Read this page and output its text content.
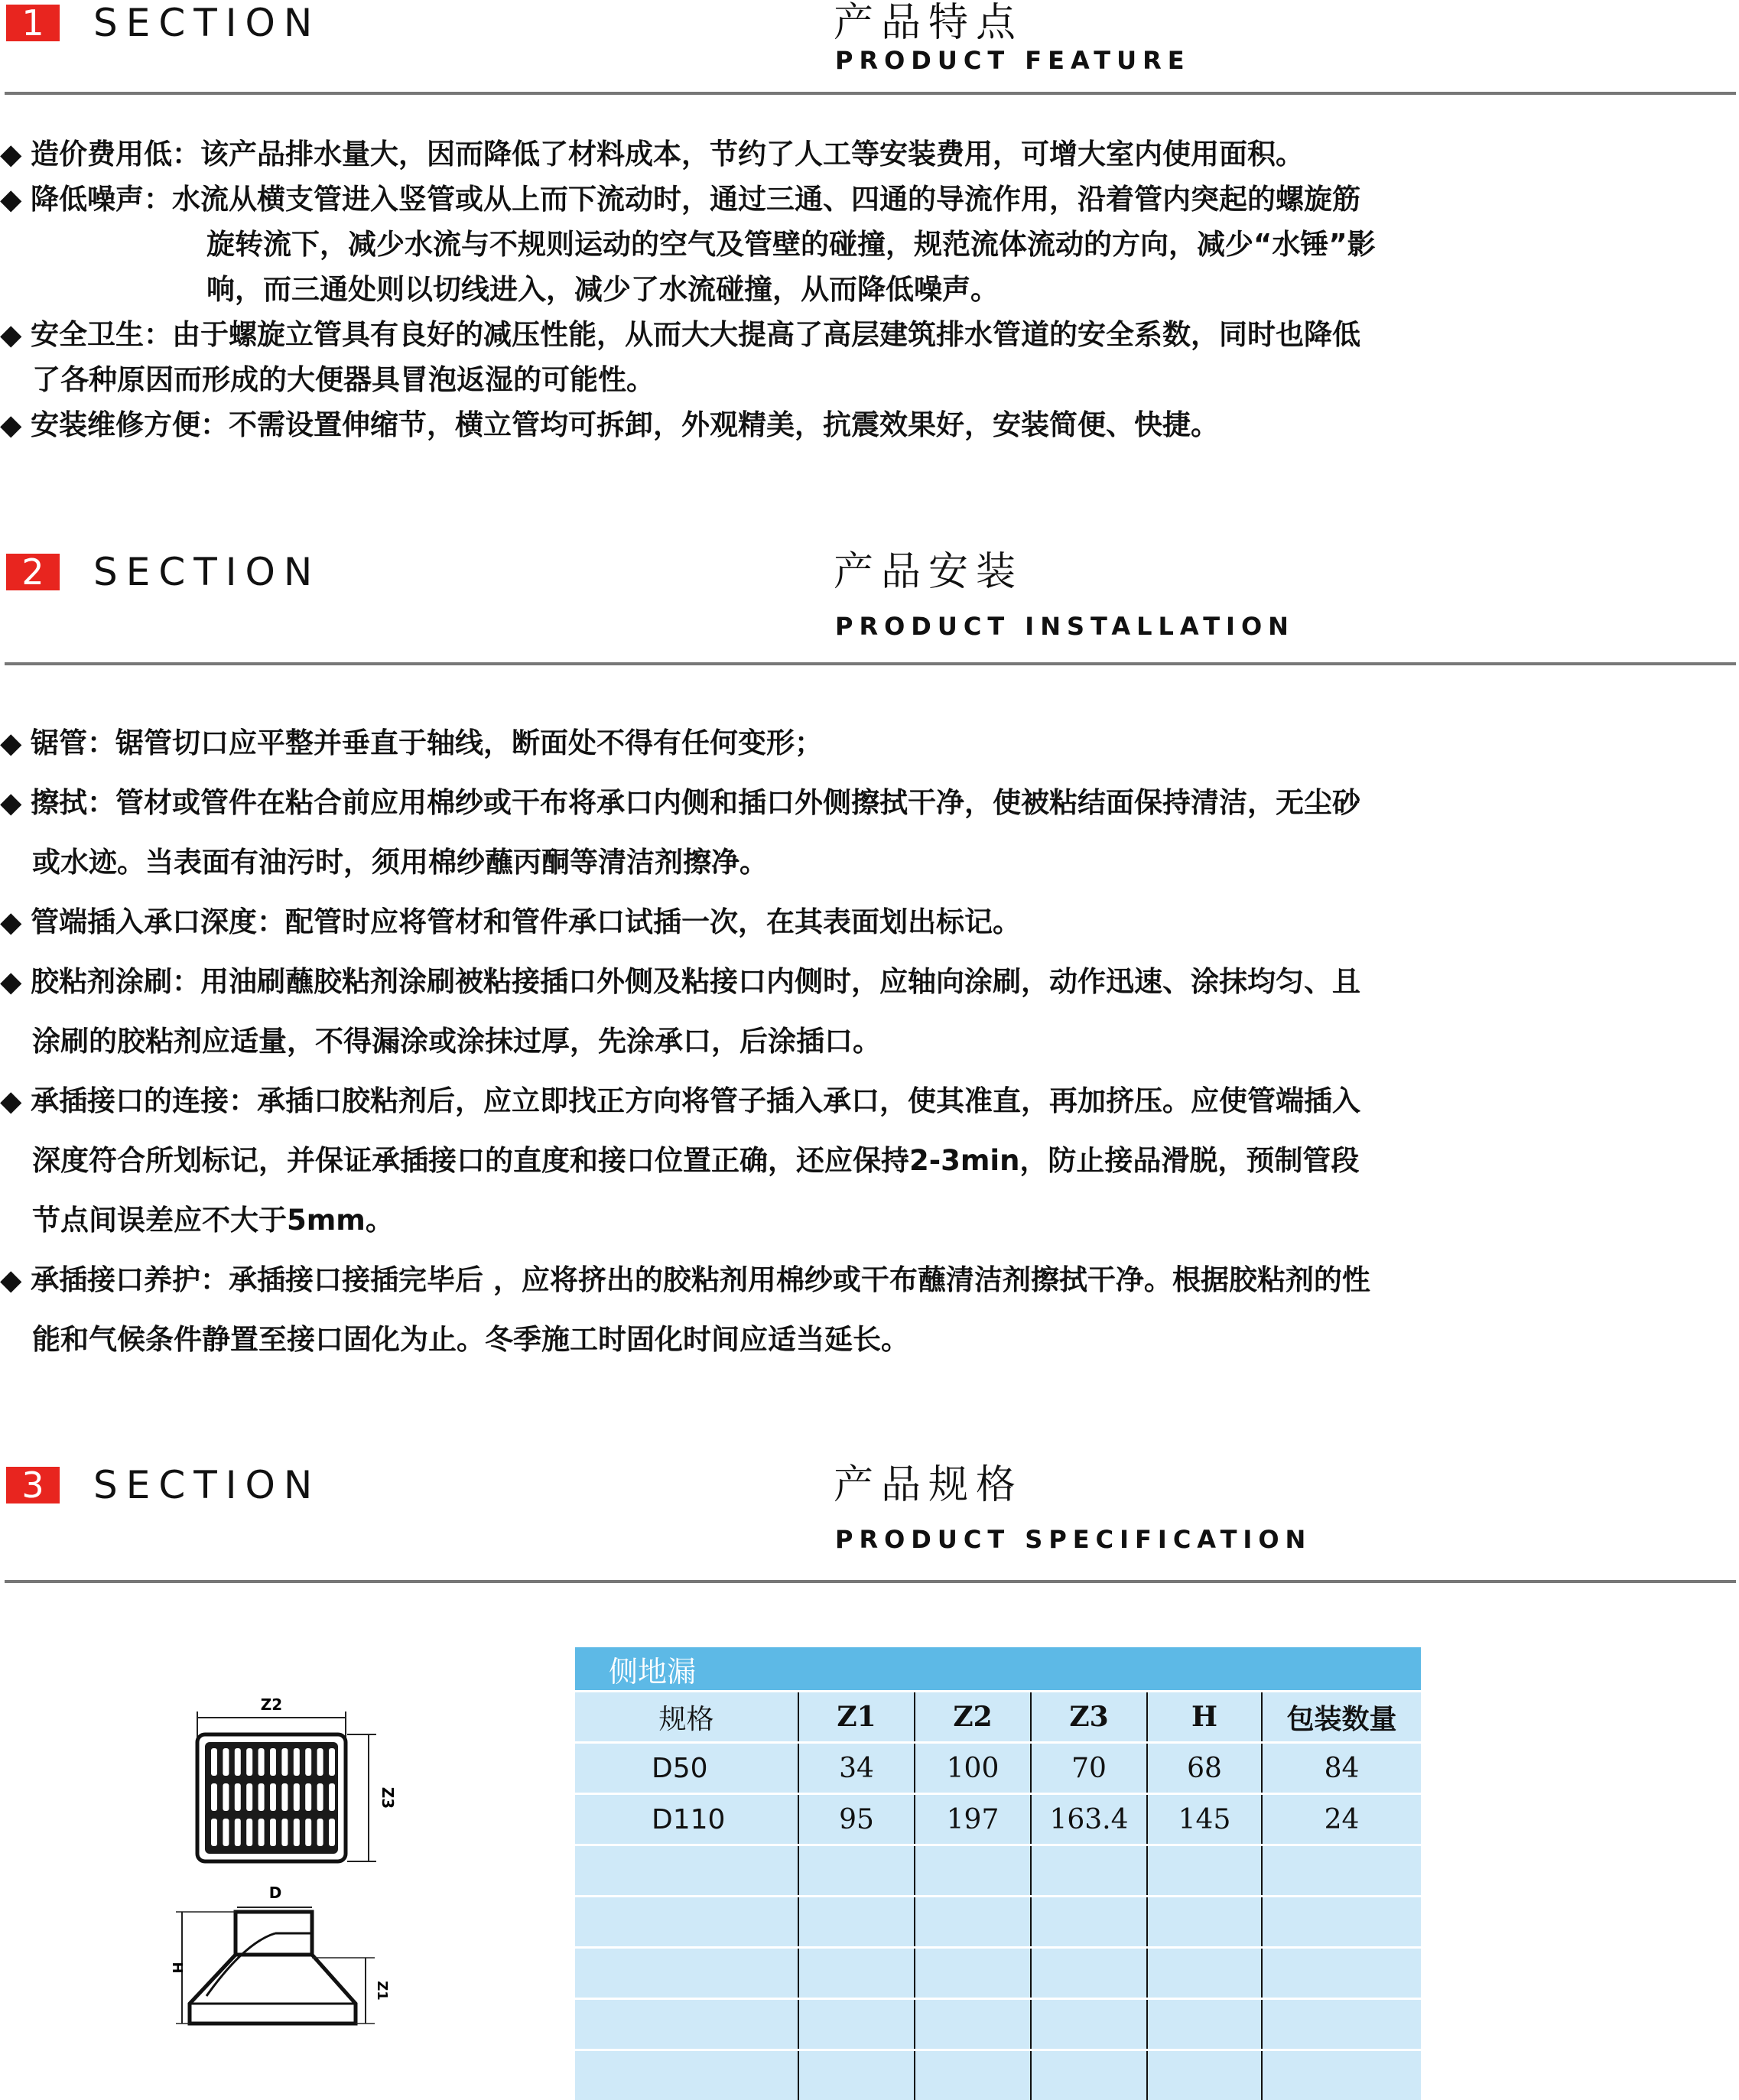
1	SECTION	产品特点
PRODUCT FEATURE
◆ 造价费用低：该产品排水量大，因而降低了材料成本，节约了人工等安装费用，可增大室内使用面积。
◆ 降低噪声：水流从横支管进入竖管或从上而下流动时，通过三通、四通的导流作用，沿着管内突起的螺旋筋
旋转流下，减少水流与不规则运动的空气及管壁的碰撞，规范流体流动的方向，减少“水锤”影
响，而三通处则以切线进入，减少了水流碰撞，从而降低噪声。
◆ 安全卫生：由于螺旋立管具有良好的减压性能，从而大大提高了高层建筑排水管道的安全系数，同时也降低
了各种原因而形成的大便器具冒泡返湿的可能性。
◆ 安装维修方便：不需设置伸缩节，横立管均可拆卸，外观精美，抗震效果好，安装简便、快捷。
2	SECTION	产品安装
PRODUCT INSTALLATION
◆ 锯管：锯管切口应平整并垂直于轴线，断面处不得有任何变形；
◆ 擦拭：管材或管件在粘合前应用棉纱或干布将承口内侧和插口外侧擦拭干净，使被粘结面保持清洁，无尘砂
或水迹。当表面有油污时，须用棉纱蘸丙酮等清洁剂擦净。
◆ 管端插入承口深度：配管时应将管材和管件承口试插一次，在其表面划出标记。
◆ 胶粘剂涂刷：用油刷蘸胶粘剂涂刷被粘接插口外侧及粘接口内侧时，应轴向涂刷，动作迅速、涂抹均匀、且
涂刷的胶粘剂应适量，不得漏涂或涂抹过厚，先涂承口，后涂插口。
◆ 承插接口的连接：承插口胶粘剂后，应立即找正方向将管子插入承口，使其准直，再加挤压。应使管端插入
深度符合所划标记，并保证承插接口的直度和接口位置正确，还应保持2-3min，防止接品滑脱，预制管段
节点间误差应不大于5mm。
◆ 承插接口养护：承插接口接插完毕后 ，应将挤出的胶粘剂用棉纱或干布蘸清洁剂擦拭干净。根据胶粘剂的性
能和气候条件静置至接口固化为止。冬季施工时固化时间应适当延长。
3	SECTION	产品规格
PRODUCT SPECIFICATION
Z2
Z3
D
H
Z1
侧地漏					
规格	Z1	Z2	Z3	H	包装数量
D50	34	100	70	68	84
D110	95	197	163.4	145	24
